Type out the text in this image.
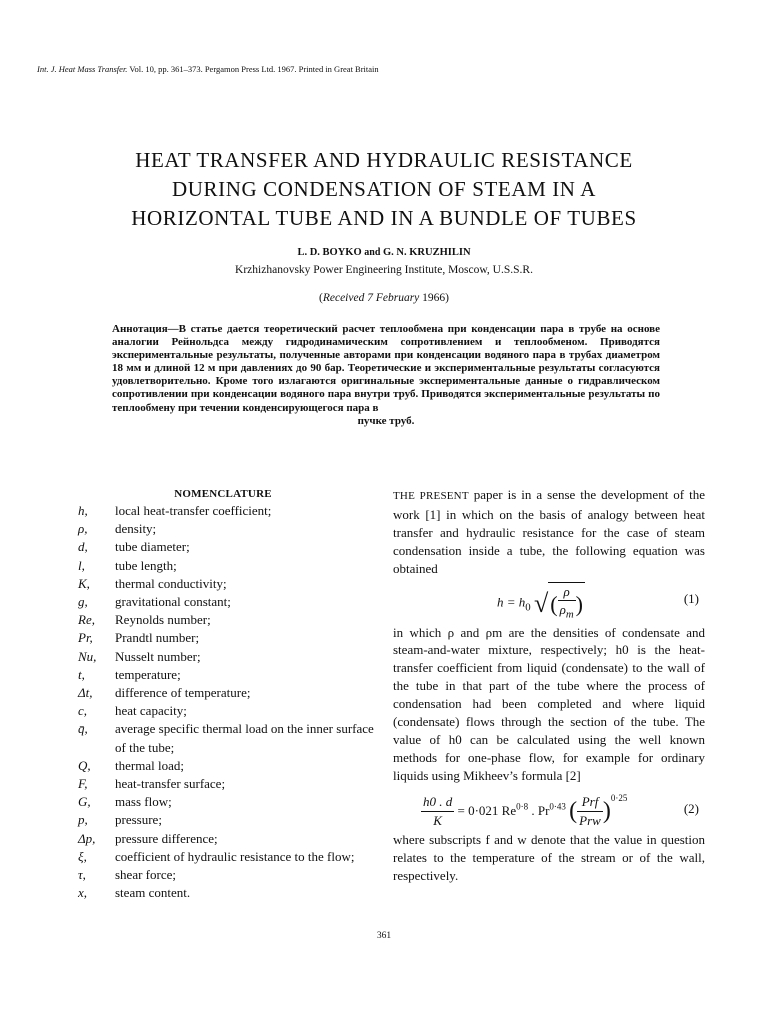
Int. J. Heat Mass Transfer. Vol. 10, pp. 361–373. Pergamon Press Ltd. 1967. Printed in Great Britain
HEAT TRANSFER AND HYDRAULIC RESISTANCE
DURING CONDENSATION OF STEAM IN A
HORIZONTAL TUBE AND IN A BUNDLE OF TUBES
L. D. BOYKO and G. N. KRUZHILIN
Krzhizhanovsky Power Engineering Institute, Moscow, U.S.S.R.
(Received 7 February 1966)
Аннотация—В статье дается теоретический расчет теплообмена при конденсации пара в трубе на основе аналогии Рейнольдса между гидродинамическим сопротивлением и теплообменом. Приводятся экспериментальные результаты, полученные авторами при конденсации водяного пара в трубах диаметром 18 мм и длиной 12 м при давлениях до 90 бар. Теоретические и экспериментальные результаты согласуются удовлетворительно. Кроме того излагаются оригинальные экспериментальные данные о гидравлическом сопротивлении при конденсации водяного пара внутри труб. Приводятся экспериментальные результаты по теплообмену при течении конденсирующегося пара в
пучке труб.
NOMENCLATURE
h,	local heat-transfer coefficient;
ρ,	density;
d,	tube diameter;
l,	tube length;
K,	thermal conductivity;
g,	gravitational constant;
Re,	Reynolds number;
Pr,	Prandtl number;
Nu,	Nusselt number;
t,	temperature;
Δt,	difference of temperature;
c,	heat capacity;
q̄,	average specific thermal load on the inner surface of the tube;
Q,	thermal load;
F,	heat-transfer surface;
G,	mass flow;
p,	pressure;
Δp,	pressure difference;
ξ,	coefficient of hydraulic resistance to the flow;
τ,	shear force;
x,	steam content.

THE PRESENT paper is in a sense the development of the work [1] in which on the basis of analogy between heat transfer and hydraulic resistance for the case of steam condensation inside a tube, the following equation was obtained

$h = h_0$ √( $\frac{\rho}{\rho_m}$ )	(1)

in which ρ and ρm are the densities of condensate and steam-and-water mixture, respectively; h0 is the heat-transfer coefficient from liquid (condensate) to the wall of the tube in that part of the tube where the process of condensation had been completed and where liquid (condensate) flows through the section of the tube. The value of h0 can be calculated using the well known methods for one-phase flow, for example for ordinary liquids using Mikheev’s formula [2]

$\frac{h0 . d}{K} = 0\cdot 021$ $Re^{0\cdot 8}$ . $Pr^{0\cdot 43}$ ( $\frac{\text{Prf}}{\text{Prw}} )^{0\cdot 25}$
(2)

where subscripts f and w denote that the value in question relates to the temperature of the stream or of the wall, respectively.

361
